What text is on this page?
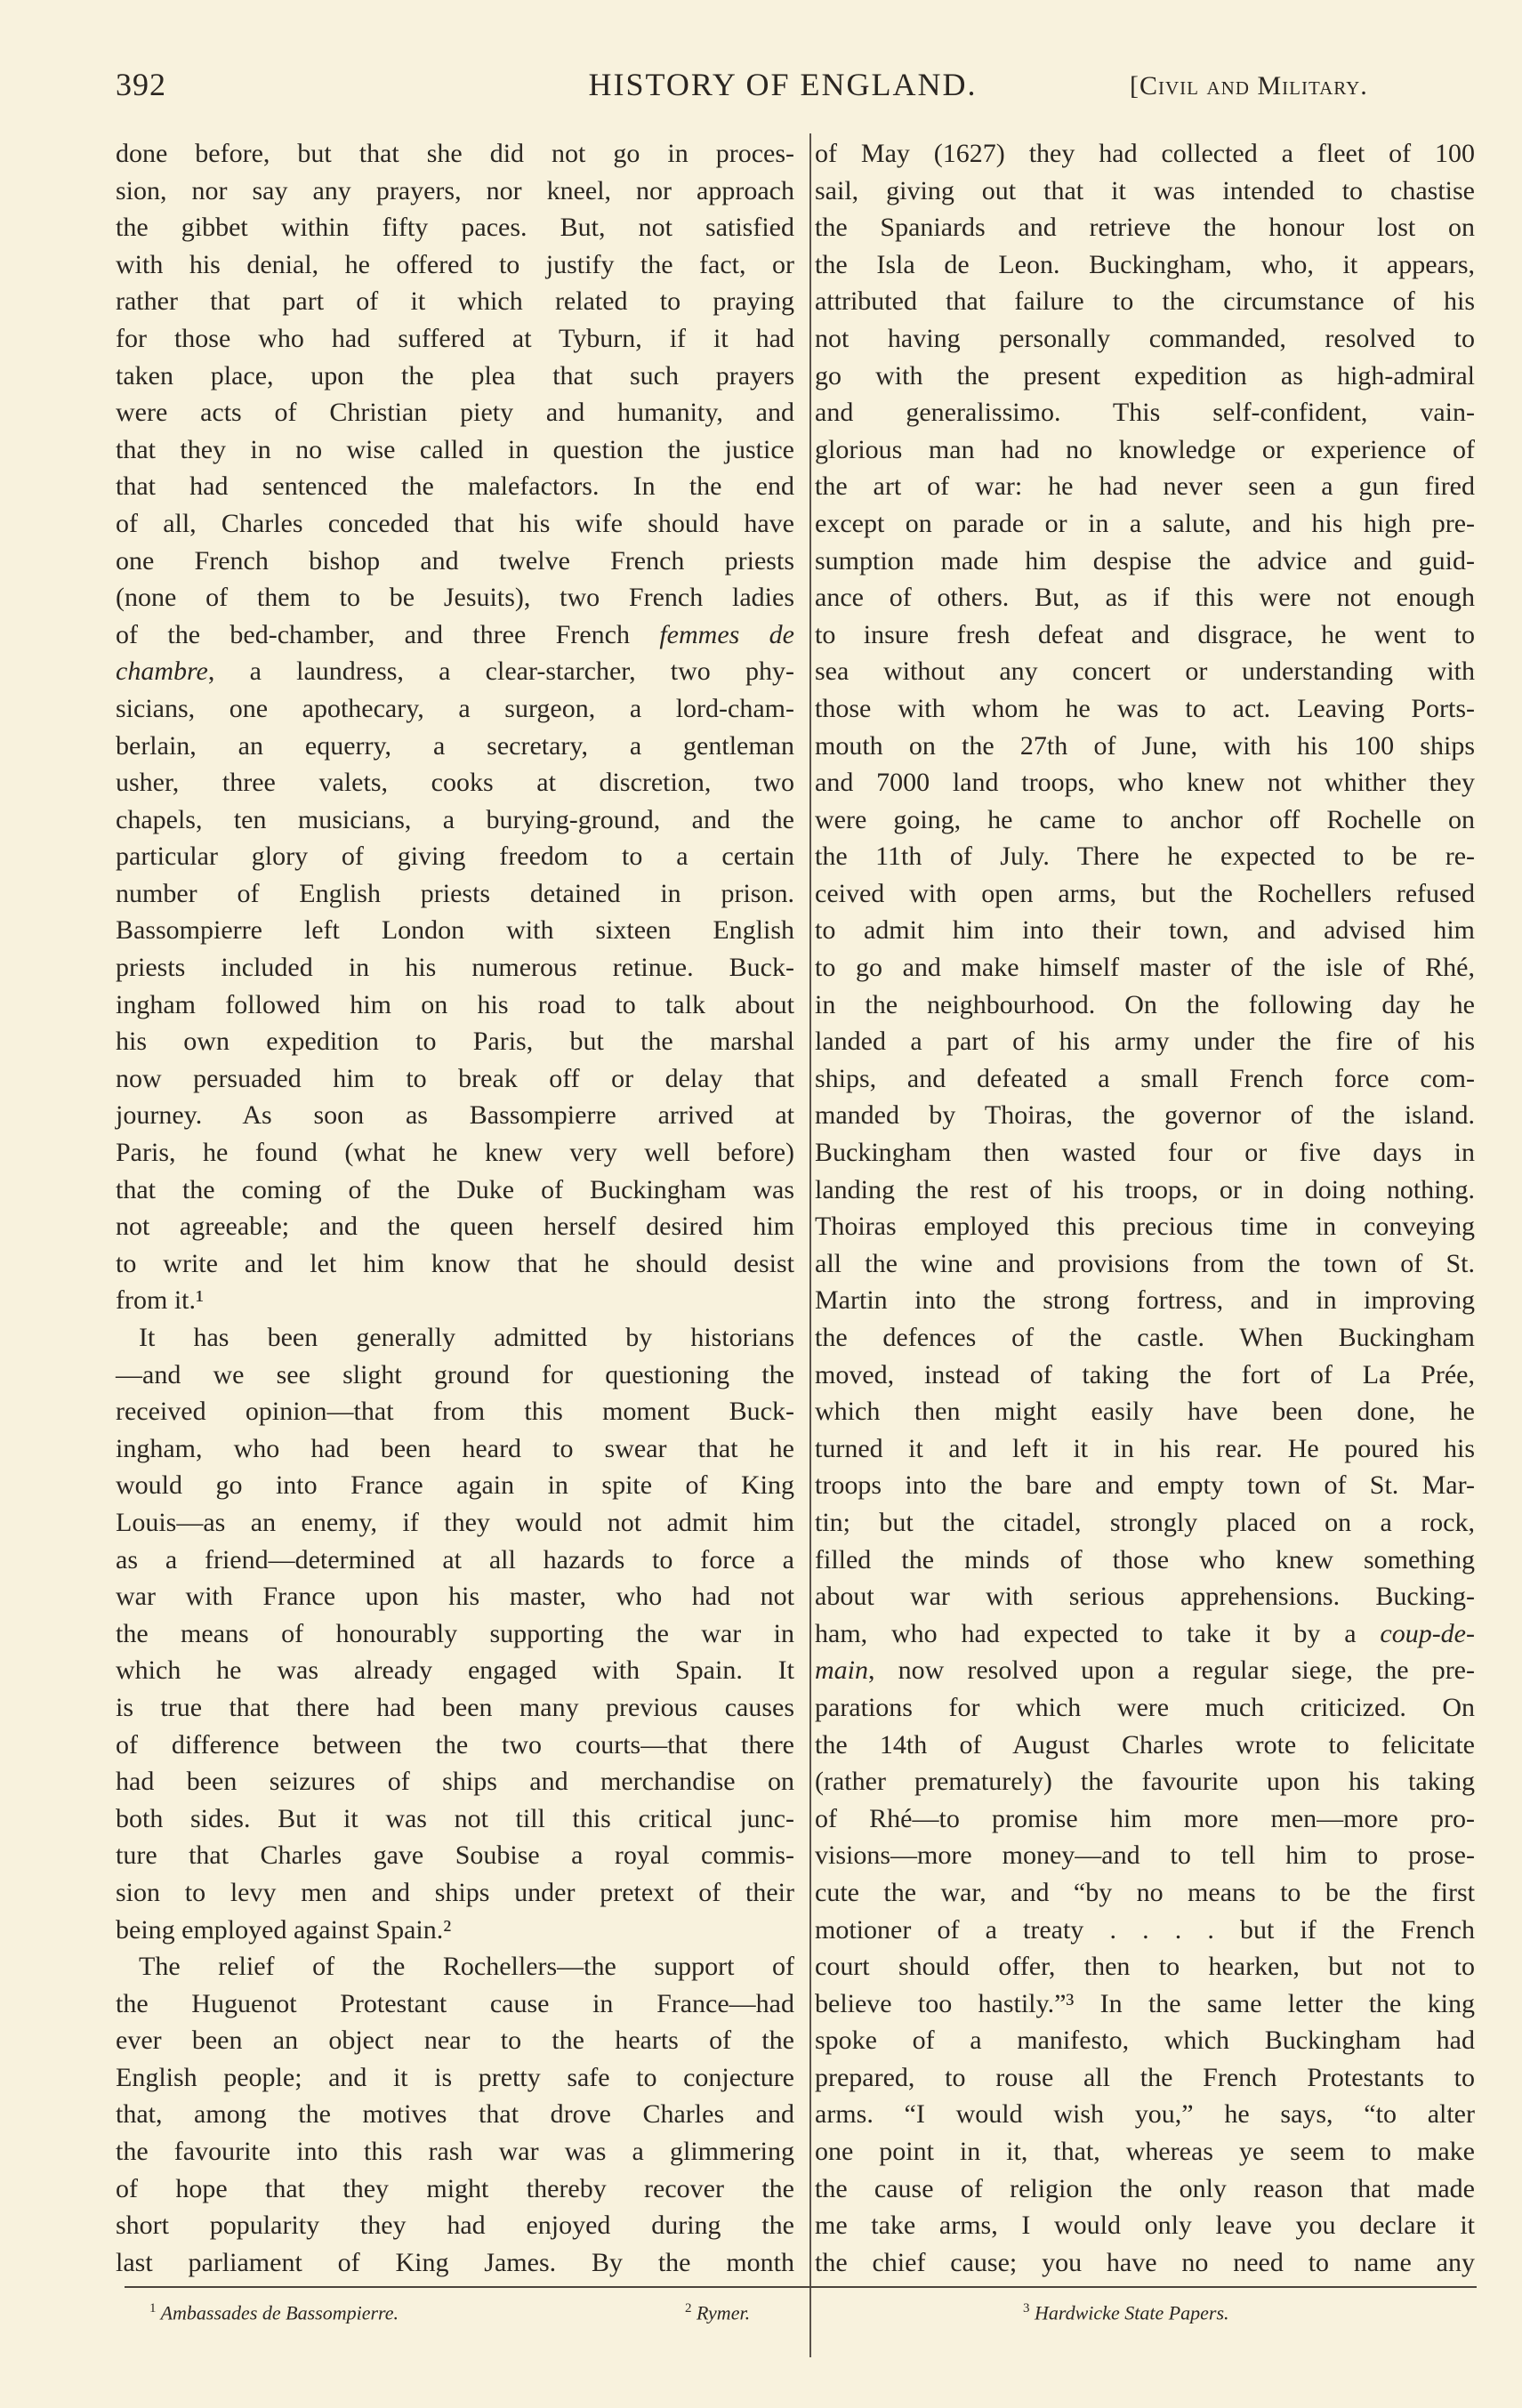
392	HISTORY OF ENGLAND.	[Civil and Military.
done before, but that she did not go in proces-
sion, nor say any prayers, nor kneel, nor approach
the gibbet within fifty paces. But, not satisfied
with his denial, he offered to justify the fact, or
rather that part of it which related to praying
for those who had suffered at Tyburn, if it had
taken place, upon the plea that such prayers
were acts of Christian piety and humanity, and
that they in no wise called in question the justice
that had sentenced the malefactors. In the end
of all, Charles conceded that his wife should have
one French bishop and twelve French priests
(none of them to be Jesuits), two French ladies
of the bed-chamber, and three French femmes de
chambre, a laundress, a clear-starcher, two phy-
sicians, one apothecary, a surgeon, a lord-cham-
berlain, an equerry, a secretary, a gentleman
usher, three valets, cooks at discretion, two
chapels, ten musicians, a burying-ground, and the
particular glory of giving freedom to a certain
number of English priests detained in prison.
Bassompierre left London with sixteen English
priests included in his numerous retinue. Buck-
ingham followed him on his road to talk about
his own expedition to Paris, but the marshal
now persuaded him to break off or delay that
journey. As soon as Bassompierre arrived at
Paris, he found (what he knew very well before)
that the coming of the Duke of Buckingham was
not agreeable; and the queen herself desired him
to write and let him know that he should desist
from it.¹
It has been generally admitted by historians
—and we see slight ground for questioning the
received opinion—that from this moment Buck-
ingham, who had been heard to swear that he
would go into France again in spite of King
Louis—as an enemy, if they would not admit him
as a friend—determined at all hazards to force a
war with France upon his master, who had not
the means of honourably supporting the war in
which he was already engaged with Spain. It
is true that there had been many previous causes
of difference between the two courts—that there
had been seizures of ships and merchandise on
both sides. But it was not till this critical junc-
ture that Charles gave Soubise a royal commis-
sion to levy men and ships under pretext of their
being employed against Spain.²
The relief of the Rochellers—the support of
the Huguenot Protestant cause in France—had
ever been an object near to the hearts of the
English people; and it is pretty safe to conjecture
that, among the motives that drove Charles and
the favourite into this rash war was a glimmering
of hope that they might thereby recover the
short popularity they had enjoyed during the
last parliament of King James. By the month
of May (1627) they had collected a fleet of 100
sail, giving out that it was intended to chastise
the Spaniards and retrieve the honour lost on
the Isla de Leon. Buckingham, who, it appears,
attributed that failure to the circumstance of his
not having personally commanded, resolved to
go with the present expedition as high-admiral
and generalissimo. This self-confident, vain-
glorious man had no knowledge or experience of
the art of war: he had never seen a gun fired
except on parade or in a salute, and his high pre-
sumption made him despise the advice and guid-
ance of others. But, as if this were not enough
to insure fresh defeat and disgrace, he went to
sea without any concert or understanding with
those with whom he was to act. Leaving Ports-
mouth on the 27th of June, with his 100 ships
and 7000 land troops, who knew not whither they
were going, he came to anchor off Rochelle on
the 11th of July. There he expected to be re-
ceived with open arms, but the Rochellers refused
to admit him into their town, and advised him
to go and make himself master of the isle of Rhé,
in the neighbourhood. On the following day he
landed a part of his army under the fire of his
ships, and defeated a small French force com-
manded by Thoiras, the governor of the island.
Buckingham then wasted four or five days in
landing the rest of his troops, or in doing nothing.
Thoiras employed this precious time in conveying
all the wine and provisions from the town of St.
Martin into the strong fortress, and in improving
the defences of the castle. When Buckingham
moved, instead of taking the fort of La Prée,
which then might easily have been done, he
turned it and left it in his rear. He poured his
troops into the bare and empty town of St. Mar-
tin; but the citadel, strongly placed on a rock,
filled the minds of those who knew something
about war with serious apprehensions. Bucking-
ham, who had expected to take it by a coup-de-
main, now resolved upon a regular siege, the pre-
parations for which were much criticized. On
the 14th of August Charles wrote to felicitate
(rather prematurely) the favourite upon his taking
of Rhé—to promise him more men—more pro-
visions—more money—and to tell him to prose-
cute the war, and “by no means to be the first
motioner of a treaty . . . . but if the French
court should offer, then to hearken, but not to
believe too hastily.”³ In the same letter the king
spoke of a manifesto, which Buckingham had
prepared, to rouse all the French Protestants to
arms. “I would wish you,” he says, “to alter
one point in it, that, whereas ye seem to make
the cause of religion the only reason that made
me take arms, I would only leave you declare it
the chief cause; you have no need to name any
$^1$ Ambassades de Bassompierre.	$^2$ Rymer.	$^3$ Hardwicke State Papers.
